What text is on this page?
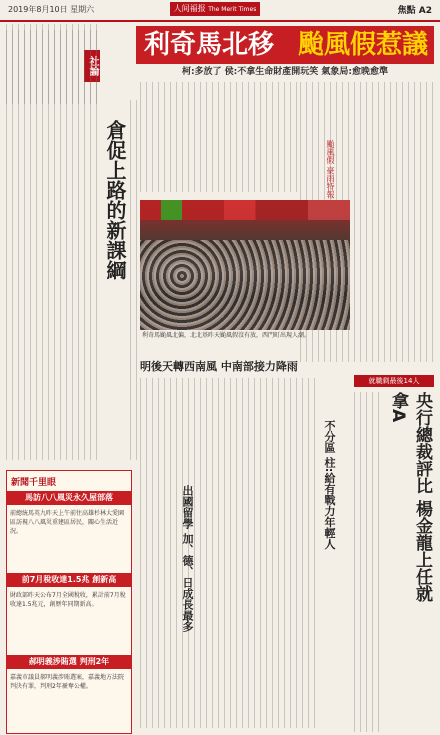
2019年8月10日 星期六	人间福报 The Merit Times	焦點 A2
社論
倉促上路的新課綱
利奇馬北移 颱風假惹議
柯:多放了 侯:不拿生命財產開玩笑 氣象局:愈晚愈準
颱風假 豪雨特報
利奇馬颱風北偏，北北基昨天颱風假沒有放，西門町出現人潮。
明後天轉西南風 中南部接力降雨
就職剩最後14人
央行總裁評比 楊金龍上任就拿A
出國留學 加、德、日成長最多
不分區 柱:給有戰力年輕人
新聞千里眼
馬訪八八風災永久屋部落
前總統馬英九昨天上午前往高雄杉林大愛園區訪視八八風災重建區居民，關心生活近況。
前7月稅收達1.5兆 創新高
財政部昨天公布7月全國稅收，累計前7月稅收達1.5兆元，創歷年同期新高。
郝明義涉賄選 判刑2年
嘉義市議員郝明義涉賄選案，嘉義地方法院判決有罪，判刑2年褫奪公權。
